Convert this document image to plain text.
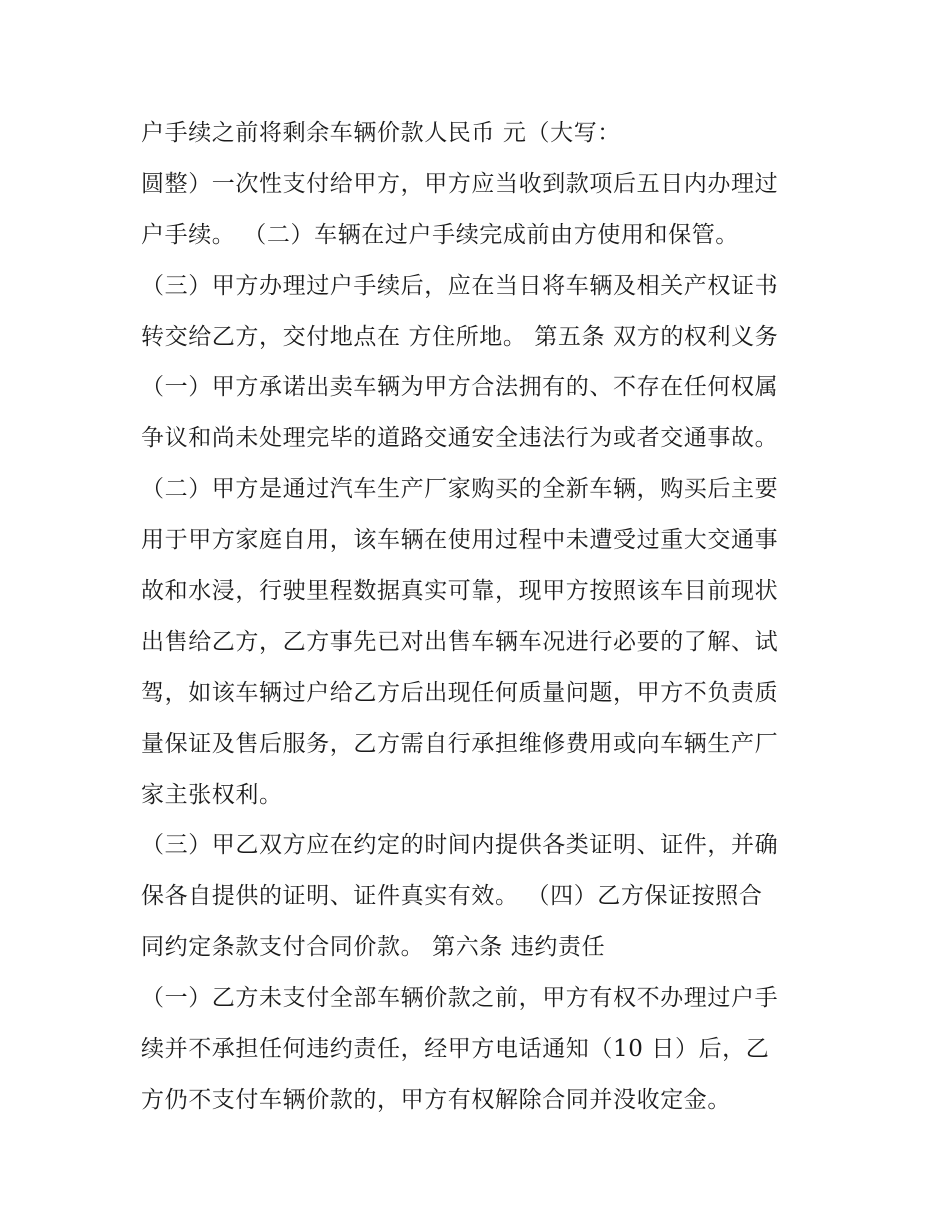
户手续之前将剩余车辆价款人民币 元（大写：
圆整）一次性支付给甲方，甲方应当收到款项后五日内办理过
户手续。 （二）车辆在过户手续完成前由方使用和保管。
（三）甲方办理过户手续后，应在当日将车辆及相关产权证书
转交给乙方，交付地点在 方住所地。 第五条 双方的权利义务
（一）甲方承诺出卖车辆为甲方合法拥有的、不存在任何权属
争议和尚未处理完毕的道路交通安全违法行为或者交通事故。
（二）甲方是通过汽车生产厂家购买的全新车辆，购买后主要
用于甲方家庭自用，该车辆在使用过程中未遭受过重大交通事
故和水浸，行驶里程数据真实可靠，现甲方按照该车目前现状
出售给乙方，乙方事先已对出售车辆车况进行必要的了解、试
驾，如该车辆过户给乙方后出现任何质量问题，甲方不负责质
量保证及售后服务，乙方需自行承担维修费用或向车辆生产厂
家主张权利。
（三）甲乙双方应在约定的时间内提供各类证明、证件，并确
保各自提供的证明、证件真实有效。 （四）乙方保证按照合
同约定条款支付合同价款。 第六条 违约责任
（一）乙方未支付全部车辆价款之前，甲方有权不办理过户手
续并不承担任何违约责任，经甲方电话通知（10 日）后，乙
方仍不支付车辆价款的，甲方有权解除合同并没收定金。
